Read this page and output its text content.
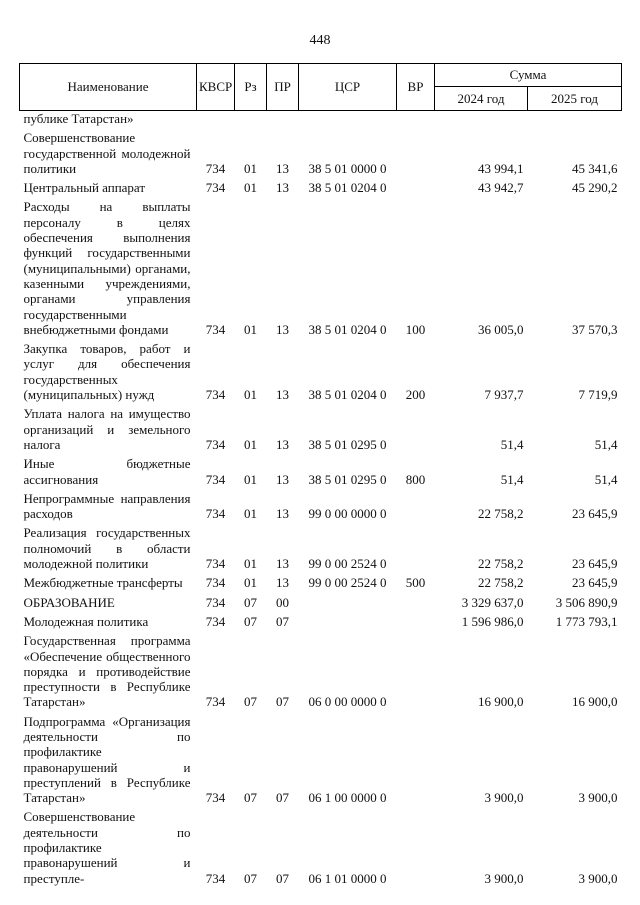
448
Наименование	КВСР	Рз	ПР	ЦСР	ВР	Сумма	
						2024 год	2025 год
публике Татарстан»							
Совершенствование государственной молодежной политики	734	01	13	38 5 01 0000 0		43 994,1	45 341,6
Центральный аппарат	734	01	13	38 5 01 0204 0		43 942,7	45 290,2
Расходы на выплаты персоналу в целях обеспечения выполнения функций государственными (муниципальными) органами, казенными учреждениями, органами управления государственными внебюджетными фондами	734	01	13	38 5 01 0204 0	100	36 005,0	37 570,3
Закупка товаров, работ и услуг для обеспечения государственных (муниципальных) нужд	734	01	13	38 5 01 0204 0	200	7 937,7	7 719,9
Уплата налога на имущество организаций и земельного налога	734	01	13	38 5 01 0295 0		51,4	51,4
Иные бюджетные ассигнования	734	01	13	38 5 01 0295 0	800	51,4	51,4
Непрограммные направления расходов	734	01	13	99 0 00 0000 0		22 758,2	23 645,9
Реализация государственных полномочий в области молодежной политики	734	01	13	99 0 00 2524 0		22 758,2	23 645,9
Межбюджетные трансферты	734	01	13	99 0 00 2524 0	500	22 758,2	23 645,9
ОБРАЗОВАНИЕ	734	07	00			3 329 637,0	3 506 890,9
Молодежная политика	734	07	07			1 596 986,0	1 773 793,1
Государственная программа «Обеспечение общественного порядка и противодействие преступности в Республике Татарстан»	734	07	07	06 0 00 0000 0		16 900,0	16 900,0
Подпрограмма «Организация деятельности по профилактике правонарушений и преступлений в Республике Татарстан»	734	07	07	06 1 00 0000 0		3 900,0	3 900,0
Совершенствование деятельности по профилактике правонарушений и преступле-	734	07	07	06 1 01 0000 0		3 900,0	3 900,0
